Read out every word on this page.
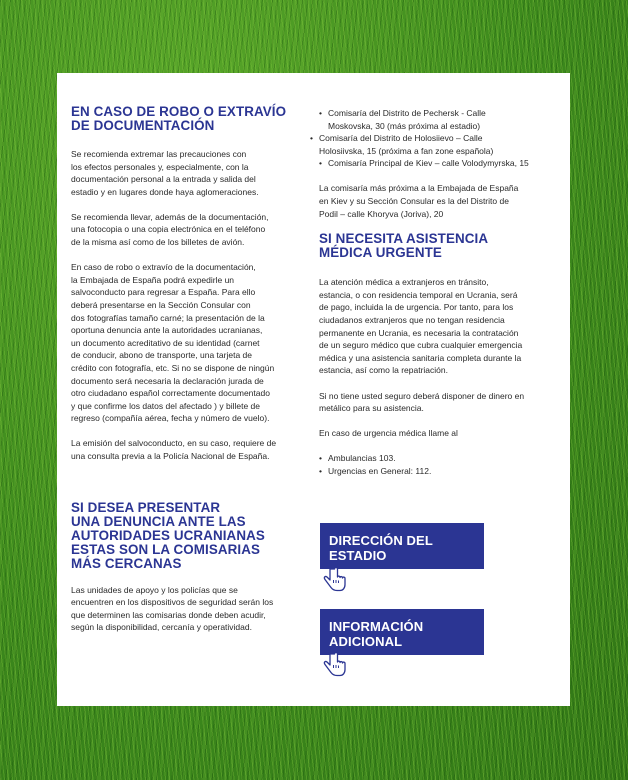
EN CASO DE ROBO O EXTRAVÍO
DE DOCUMENTACIÓN

Se recomienda extremar las precauciones con
los efectos personales y, especialmente, con la
documentación personal a la entrada y salida del
estadio y en lugares donde haya aglomeraciones.

Se recomienda llevar, además de la documentación,
una fotocopia o una copia electrónica en el teléfono
de la misma así como de los billetes de avión.

En caso de robo o extravío de la documentación,
la Embajada de España podrá expedirle un
salvoconducto para regresar a España. Para ello
deberá presentarse en la Sección Consular con
dos fotografías tamaño carné; la presentación de la
oportuna denuncia ante la autoridades ucranianas,
un documento acreditativo de su identidad (carnet
de conducir, abono de transporte, una tarjeta de
crédito con fotografía, etc. Si no se dispone de ningún
documento será necesaria la declaración jurada de
otro ciudadano español correctamente documentado
y que confirme los datos del afectado ) y billete de
regreso (compañía aérea, fecha y número de vuelo).

La emisión del salvoconducto, en su caso, requiere de
una consulta previa a la Policía Nacional de España.

SI DESEA PRESENTAR
UNA DENUNCIA ANTE LAS
AUTORIDADES UCRANIANAS
ESTAS SON LA COMISARIAS
MÁS CERCANAS

Las unidades de apoyo y los policías que se
encuentren en los dispositivos de seguridad serán los
que determinen las comisarias donde deben acudir,
según la disponibilidad, cercanía y operatividad.

• Comisaría del Distrito de Pechersk - Calle
Moskovska, 30 (más próxima al estadio)
• Comisaría del Distrito de Holosiievo – Calle
Holosiivska, 15 (próxima a fan zone española)
• Comisaría Principal de Kiev – calle Volodymyrska, 15

La comisaría más próxima a la Embajada de España
en Kiev y su Sección Consular es la del Distrito de
Podil – calle Khoryva (Joriva), 20

SI NECESITA ASISTENCIA
MÉDICA URGENTE

La atención médica a extranjeros en tránsito,
estancia, o con residencia temporal en Ucrania, será
de pago, incluida la de urgencia. Por tanto, para los
ciudadanos extranjeros que no tengan residencia
permanente en Ucrania, es necesaria la contratación
de un seguro médico que cubra cualquier emergencia
médica y una asistencia sanitaria completa durante la
estancia, así como la repatriación.

Si no tiene usted seguro deberá disponer de dinero en
metálico para su asistencia.

En caso de urgencia médica llame al

• Ambulancias 103.
• Urgencias en General: 112.
DIRECCIÓN DEL
ESTADIO
INFORMACIÓN
ADICIONAL
